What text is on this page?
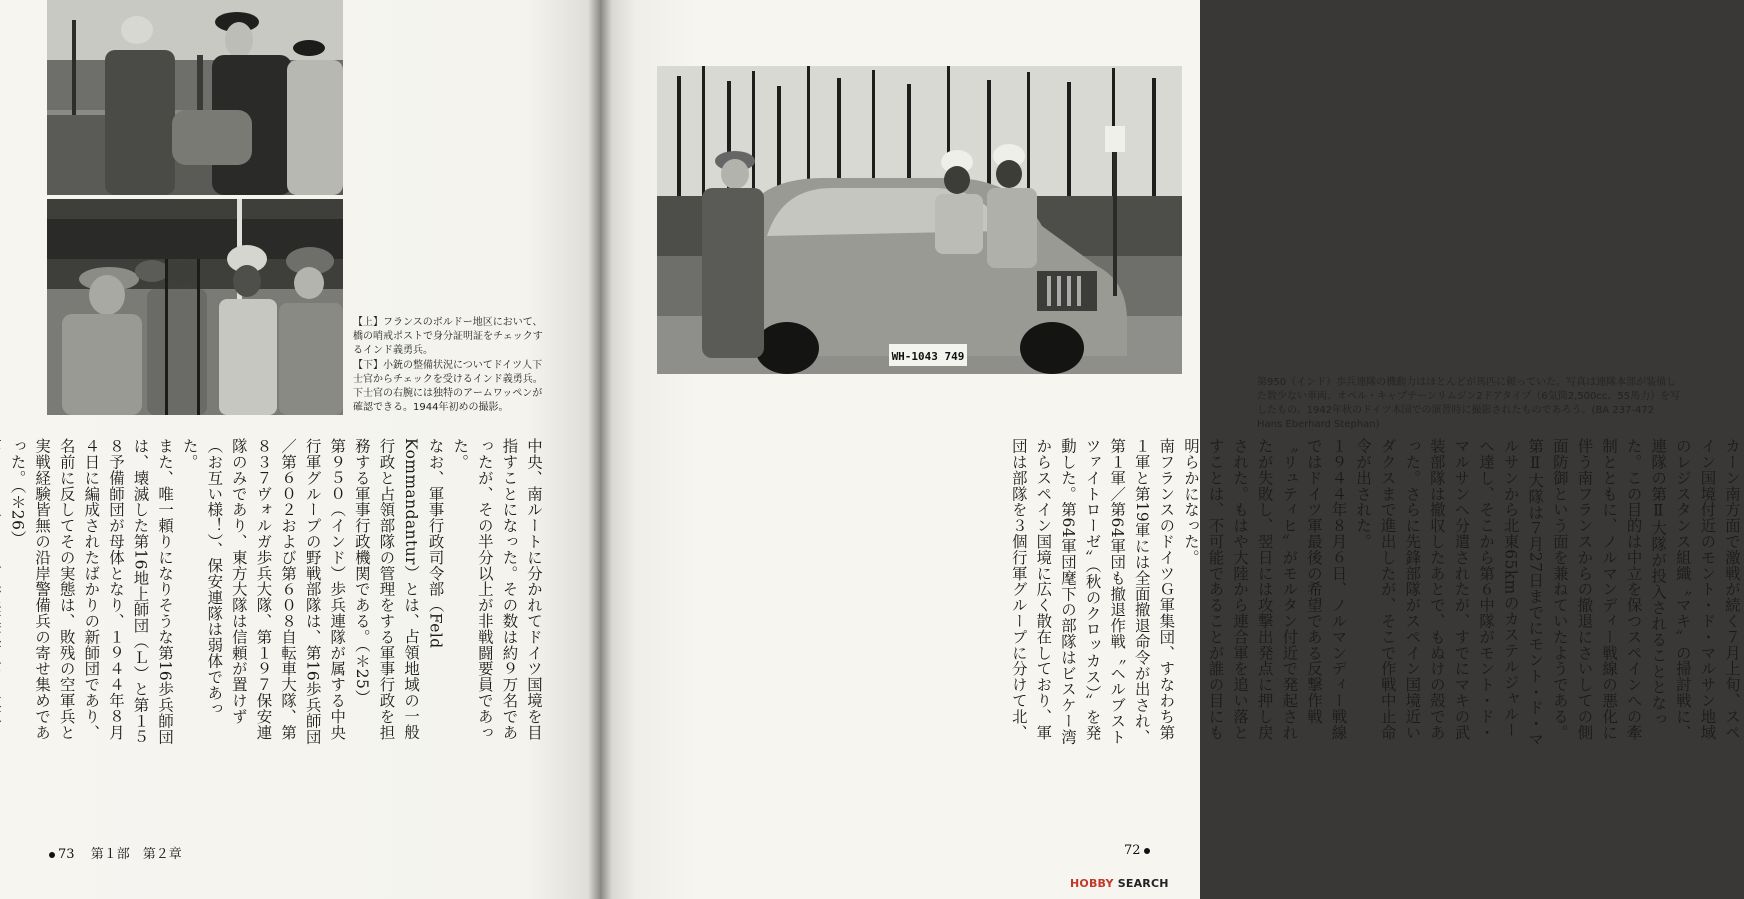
【上】フランスのボルドー地区において、橋の哨戒ポストで身分証明証をチェックするインド義勇兵。

【下】小銃の整備状況についてドイツ人下士官からチェックを受けるインド義勇兵。下士官の右腕には独特のアームワッペンが確認できる。1944年初めの撮影。

中央、南ルートに分かれてドイツ国境を目指すことになった。その数は約９万名であったが、その半分以上が非戦闘要員であった。

なお、軍事行政司令部（Feld Kommandantur）とは、占領地域の一般行政と占領部隊の管理をする軍事行政を担務する軍事行政機関である。（＊25）

第９５０（インド）歩兵連隊が属する中央行軍グループの野戦部隊は、第16歩兵師団／第６０２および第６０８自転車大隊、第８３７ヴォルガ歩兵大隊、第１９７保安連隊のみであり、東方大隊は信頼が置けず（お互い様！）、保安連隊は弱体であった。

また、唯一頼りになりそうな第16歩兵師団は、壊滅した第16地上師団（Ｌ）と第１５８予備師団が母体となり、１９４４年８月４日に編成されたばかりの新師団であり、名前に反してその実態は、敗残の空軍兵と実戦経験皆無の沿岸警備兵の寄せ集めであった。（＊26）

73 第１部　第２章
WH-1043 749

第950（インド）歩兵連隊の機動力はほとんどが馬匹に頼っていた。写真は連隊本部が装備した数少ない車両、オペル・キャプテーンリムジン2ドアタイプ（6気筒2,500cc、55馬力）を写したもの。1942年秋のドイツ本国での演習時に撮影されたものであろう。(BA 237-472 Hans Eberhard Stephan)

カーン南方面で激戦が続く７月上旬、スペイン国境付近のモント・ド・マルサン地域のレジスタンス組織〝マキ〟の掃討戦に、連隊の第Ⅱ大隊が投入されることとなった。この目的は中立を保つスペインへの牽制とともに、ノルマンディー戦線の悪化に伴う南フランスからの撤退にさいしての側面防御という面を兼ねていたようである。

第Ⅱ大隊は７月27日までにモント・ド・マルサンから北東65kmのカステルジャルーへ達し、そこから第６中隊がモント・ド・マルサンへ分遣されたが、すでにマキの武装部隊は撤収したあとで、もぬけの殻であった。さらに先鋒部隊がスペイン国境近いダクスまで進出したが、そこで作戦中止命令が出された。

１９４４年８月６日、ノルマンディー戦線ではドイツ軍最後の希望である反撃作戦〝リュティヒ〟がモルタン付近で発起されたが失敗し、翌日には攻撃出発点に押し戻された。もはや大陸から連合軍を追い落とすことは、不可能であることが誰の目にも明らかになった。

南フランスのドイツＧ軍集団、すなわち第１軍と第19軍には全面撤退命令が出され、第１軍／第64軍団も撤退作戦〝ヘルブストツァイトローゼ〟（秋のクロッカス）〟を発動した。第64軍団麾下の部隊はビスケー湾からスペイン国境に広く散在しており、軍団は部隊を３個行軍グループに分けて北、

72
HOBBY SEARCH
